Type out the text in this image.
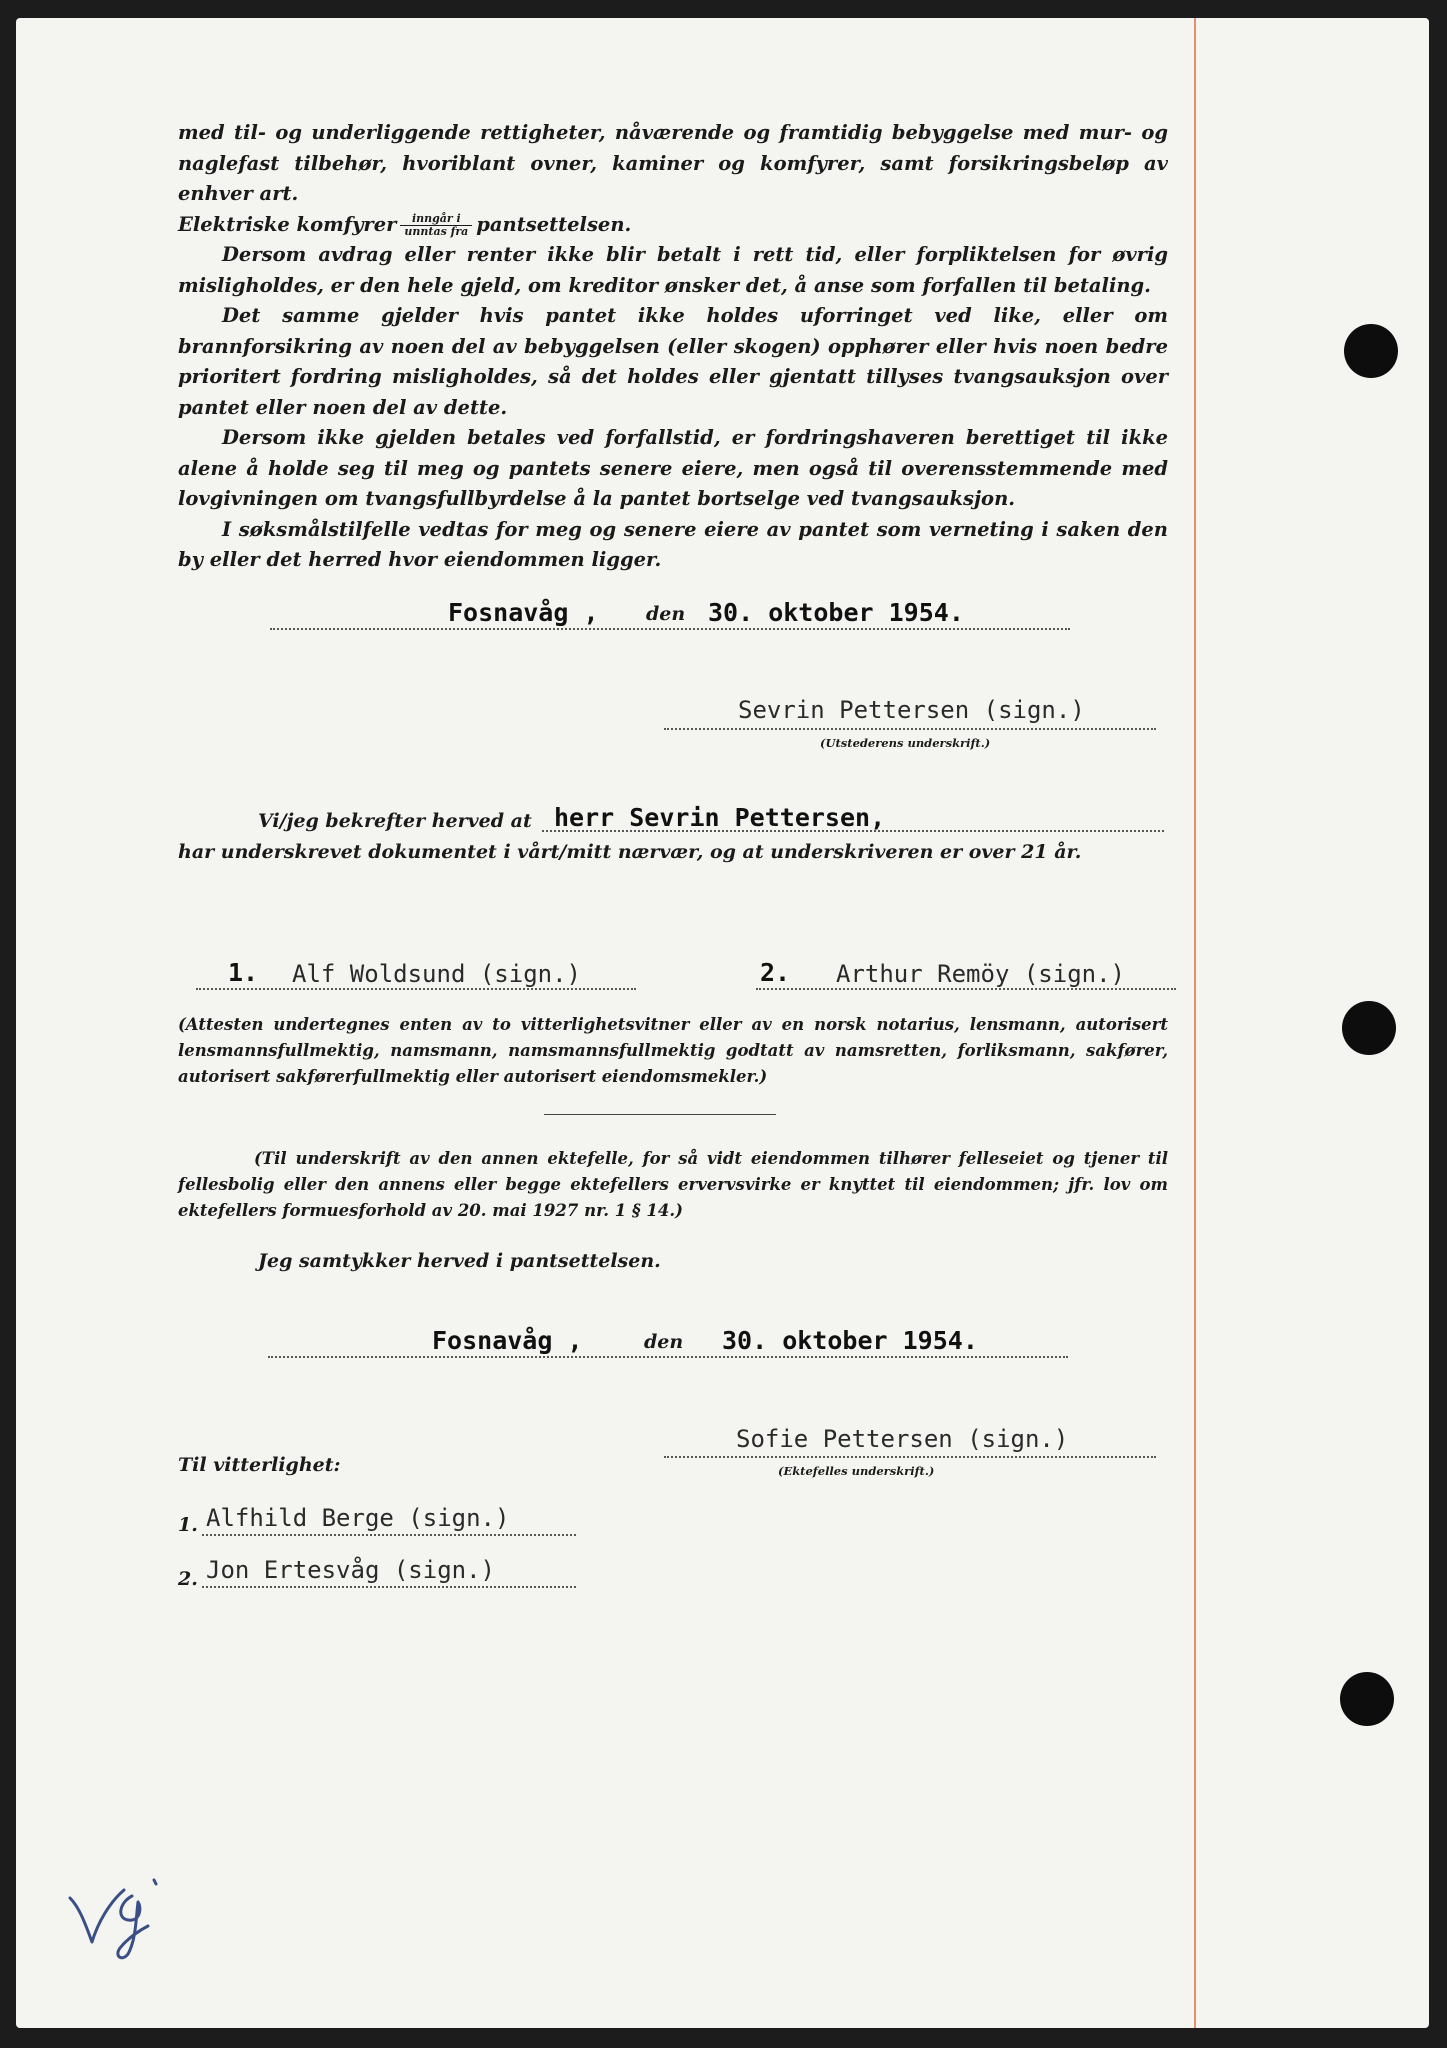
med til- og underliggende rettigheter, nåværende og framtidig bebyggelse med mur- og naglefast tilbehør, hvoriblant ovner, kaminer og komfyrer, samt forsikringsbeløp av enhver art.

Elektriske komfyrer $\frac{\text{inngår i}}{\text{unntas fra}}$ pantsettelsen.

Dersom avdrag eller renter ikke blir betalt i rett tid, eller forpliktelsen for øvrig misligholdes, er den hele gjeld, om kreditor ønsker det, å anse som forfallen til betaling.

Det samme gjelder hvis pantet ikke holdes uforringet ved like, eller om brannforsikring av noen del av bebyggelsen (eller skogen) opphører eller hvis noen bedre prioritert fordring misligholdes, så det holdes eller gjentatt tillyses tvangsauksjon over pantet eller noen del av dette.

Dersom ikke gjelden betales ved forfallstid, er fordringshaveren berettiget til ikke alene å holde seg til meg og pantets senere eiere, men også til overensstemmende med lovgivningen om tvangsfullbyrdelse å la pantet bortselge ved tvangsauksjon.

I søksmålstilfelle vedtas for meg og senere eiere av pantet som verneting i saken den by eller det herred hvor eiendommen ligger.

Fosnavåg , den 30. oktober 1954.
Sevrin Pettersen (sign.)
(Utstederens underskrift.)
Vi/jeg bekrefter herved at herr Sevrin Pettersen,
har underskrevet dokumentet i vårt/mitt nærvær, og at underskriveren er over 21 år.
1. Alf Woldsund (sign.)	2. Arthur Remöy (sign.)
(Attesten undertegnes enten av to vitterlighetsvitner eller av en norsk notarius, lensmann, autorisert lensmannsfullmektig, namsmann, namsmannsfullmektig godtatt av namsretten, forliksmann, sakfører, autorisert sakførerfullmektig eller autorisert eiendomsmekler.)
(Til underskrift av den annen ektefelle, for så vidt eiendommen tilhører felleseiet og tjener til fellesbolig eller den annens eller begge ektefellers ervervsvirke er knyttet til eiendommen; jfr. lov om ektefellers formuesforhold av 20. mai 1927 nr. 1 § 14.)
Jeg samtykker herved i pantsettelsen.
Fosnavåg ,	den 30. oktober 1954.
Sofie Pettersen (sign.)
(Ektefelles underskrift.)
Til vitterlighet:
1. Alfhild Berge (sign.)
2. Jon Ertesvåg (sign.)
